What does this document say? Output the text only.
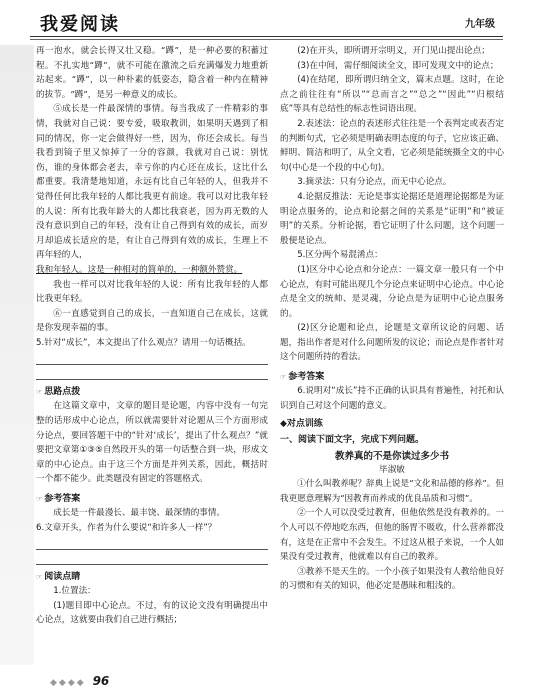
我爱阅读	九年级

再一泡水，就会长得又壮又稳。“蹲”，是一种必要的积蓄过程。不扎实地“蹲”，就不可能在激流之后充满爆发力地重新站起来。“蹲”，以一种朴素的低姿态，隐含着一种内在精神的拔节。“蹲”，是另一种意义的成长。

⑤成长是一件最深情的事情。每当我成了一件精彩的事情，我就对自己说：要专爱，吸取教训，如果明天遇到了相同的情况，你一定会做得好一些，因为，你还会成长。每当我看到镜子里又惊掉了一分的容颜，我就对自己说：别忧伤，谁的身体都会老去，幸亏你的内心还在成长，这比什么都重要。我清楚地知道，永远有比自己年轻的人，但我并不觉得任何比我年轻的人都比我更有前途。我可以对比我年轻的人说：所有比我年龄大的人都比我衰老，因为再无数的人没有意识到自己的年轻，没有让自己得到有效的成长，而岁月却追成长适应的是，有让自己得到有效的成长，生理上不再年轻的人，

我和年轻人。这是一种相对的简单的，一种额外赞赏。

我也一样可以对比我年轻的人说：所有比我年轻的人都比我更年轻。

⑥一直感觉到自己的成长，一直知道自己在成长，这就是你发现幸福的事。

5.针对“成长”，本文提出了什么观点？请用一句话概括。

☞ 思路点拨

在这篇文章中，文章的题目是论题，内容中没有一句完整的话形成中心论点，所以就需要针对论题从三个方面形成分论点，要回答题干中的“针对‘成长’，提出了什么观点？”就要把文章第①③⑤自然段开头的第一句话整合到一块，形成文章的中心论点。由于这三个方面是并列关系，因此，概括时一个都不能少。此类题没有固定的答题格式。

☞ 参考答案

成长是一件最漫长、最丰饶、最深情的事情。

6.文章开头，作者为什么要说“和许多人一样”？

☞ 阅读点睛

1.位置法：

(1)题目即中心论点。不过，有的议论文没有明确提出中心论点，这就要由我们自己进行概括；

(2)在开头，即所谓开宗明义，开门见山提出论点；

(3)在中间，需仔细阅读全文，即可发现文中的论点；

(4)在结尾，即所谓归纳全文，篇末点题。这时，在论点之前往往有“所以”“总而言之”“总之”“因此”“归根结底”等具有总结性的标志性词语出现。

2.表述法：论点的表述形式往往是一个表判定或表否定的判断句式，它必须是明确表明态度的句子，它应该正确、鲜明、简洁和明了，从全文看，它必须是能统摄全文的中心句(中心是一个段的中心句)。

3.摘录法：只有分论点，而无中心论点。

4.论据反推法：无论是事实论据还是道理论据都是为证明论点服务的，论点和论据之间的关系是“证明”和“被证明”的关系。分析论据，看它证明了什么问题，这个问题一般便是论点。

5.区分两个易混淆点：

(1)区分中心论点和分论点：一篇文章一般只有一个中心论点，有时可能出现几个分论点来证明中心论点。中心论点是全文的统帅、是灵魂，分论点是为证明中心论点服务的。

(2)区分论题和论点，论题是文章所议论的问题、话题，指出作者是对什么问题所发的议论；而论点是作者针对这个问题所持的看法。

☞ 参考答案

6.说明对“成长”持不正确的认识具有普遍性，衬托和认识到自己对这个问题的意义。

◆对点训练
一、阅读下面文字，完成下列问题。
教养真的不是你读过多少书
毕淑敏

①什么叫教养呢？辞典上说是“文化和品德的修养”。但我更愿意理解为“因教育而养成的优良品质和习惯”。

②一个人可以没受过教育，但他依然是没有教养的。一个人可以不停地吃东西，但他的肠胃不吸收，什么营养都没有，这是在正常中不会发生。不过这从根子来说，一个人如果没有受过教育，他就难以有自己的教养。

③教养不是天生的。一个小孩子如果没有人教给他良好的习惯和有关的知识，他必定是愚昧和粗浅的。

◆◆◆◆ 96
